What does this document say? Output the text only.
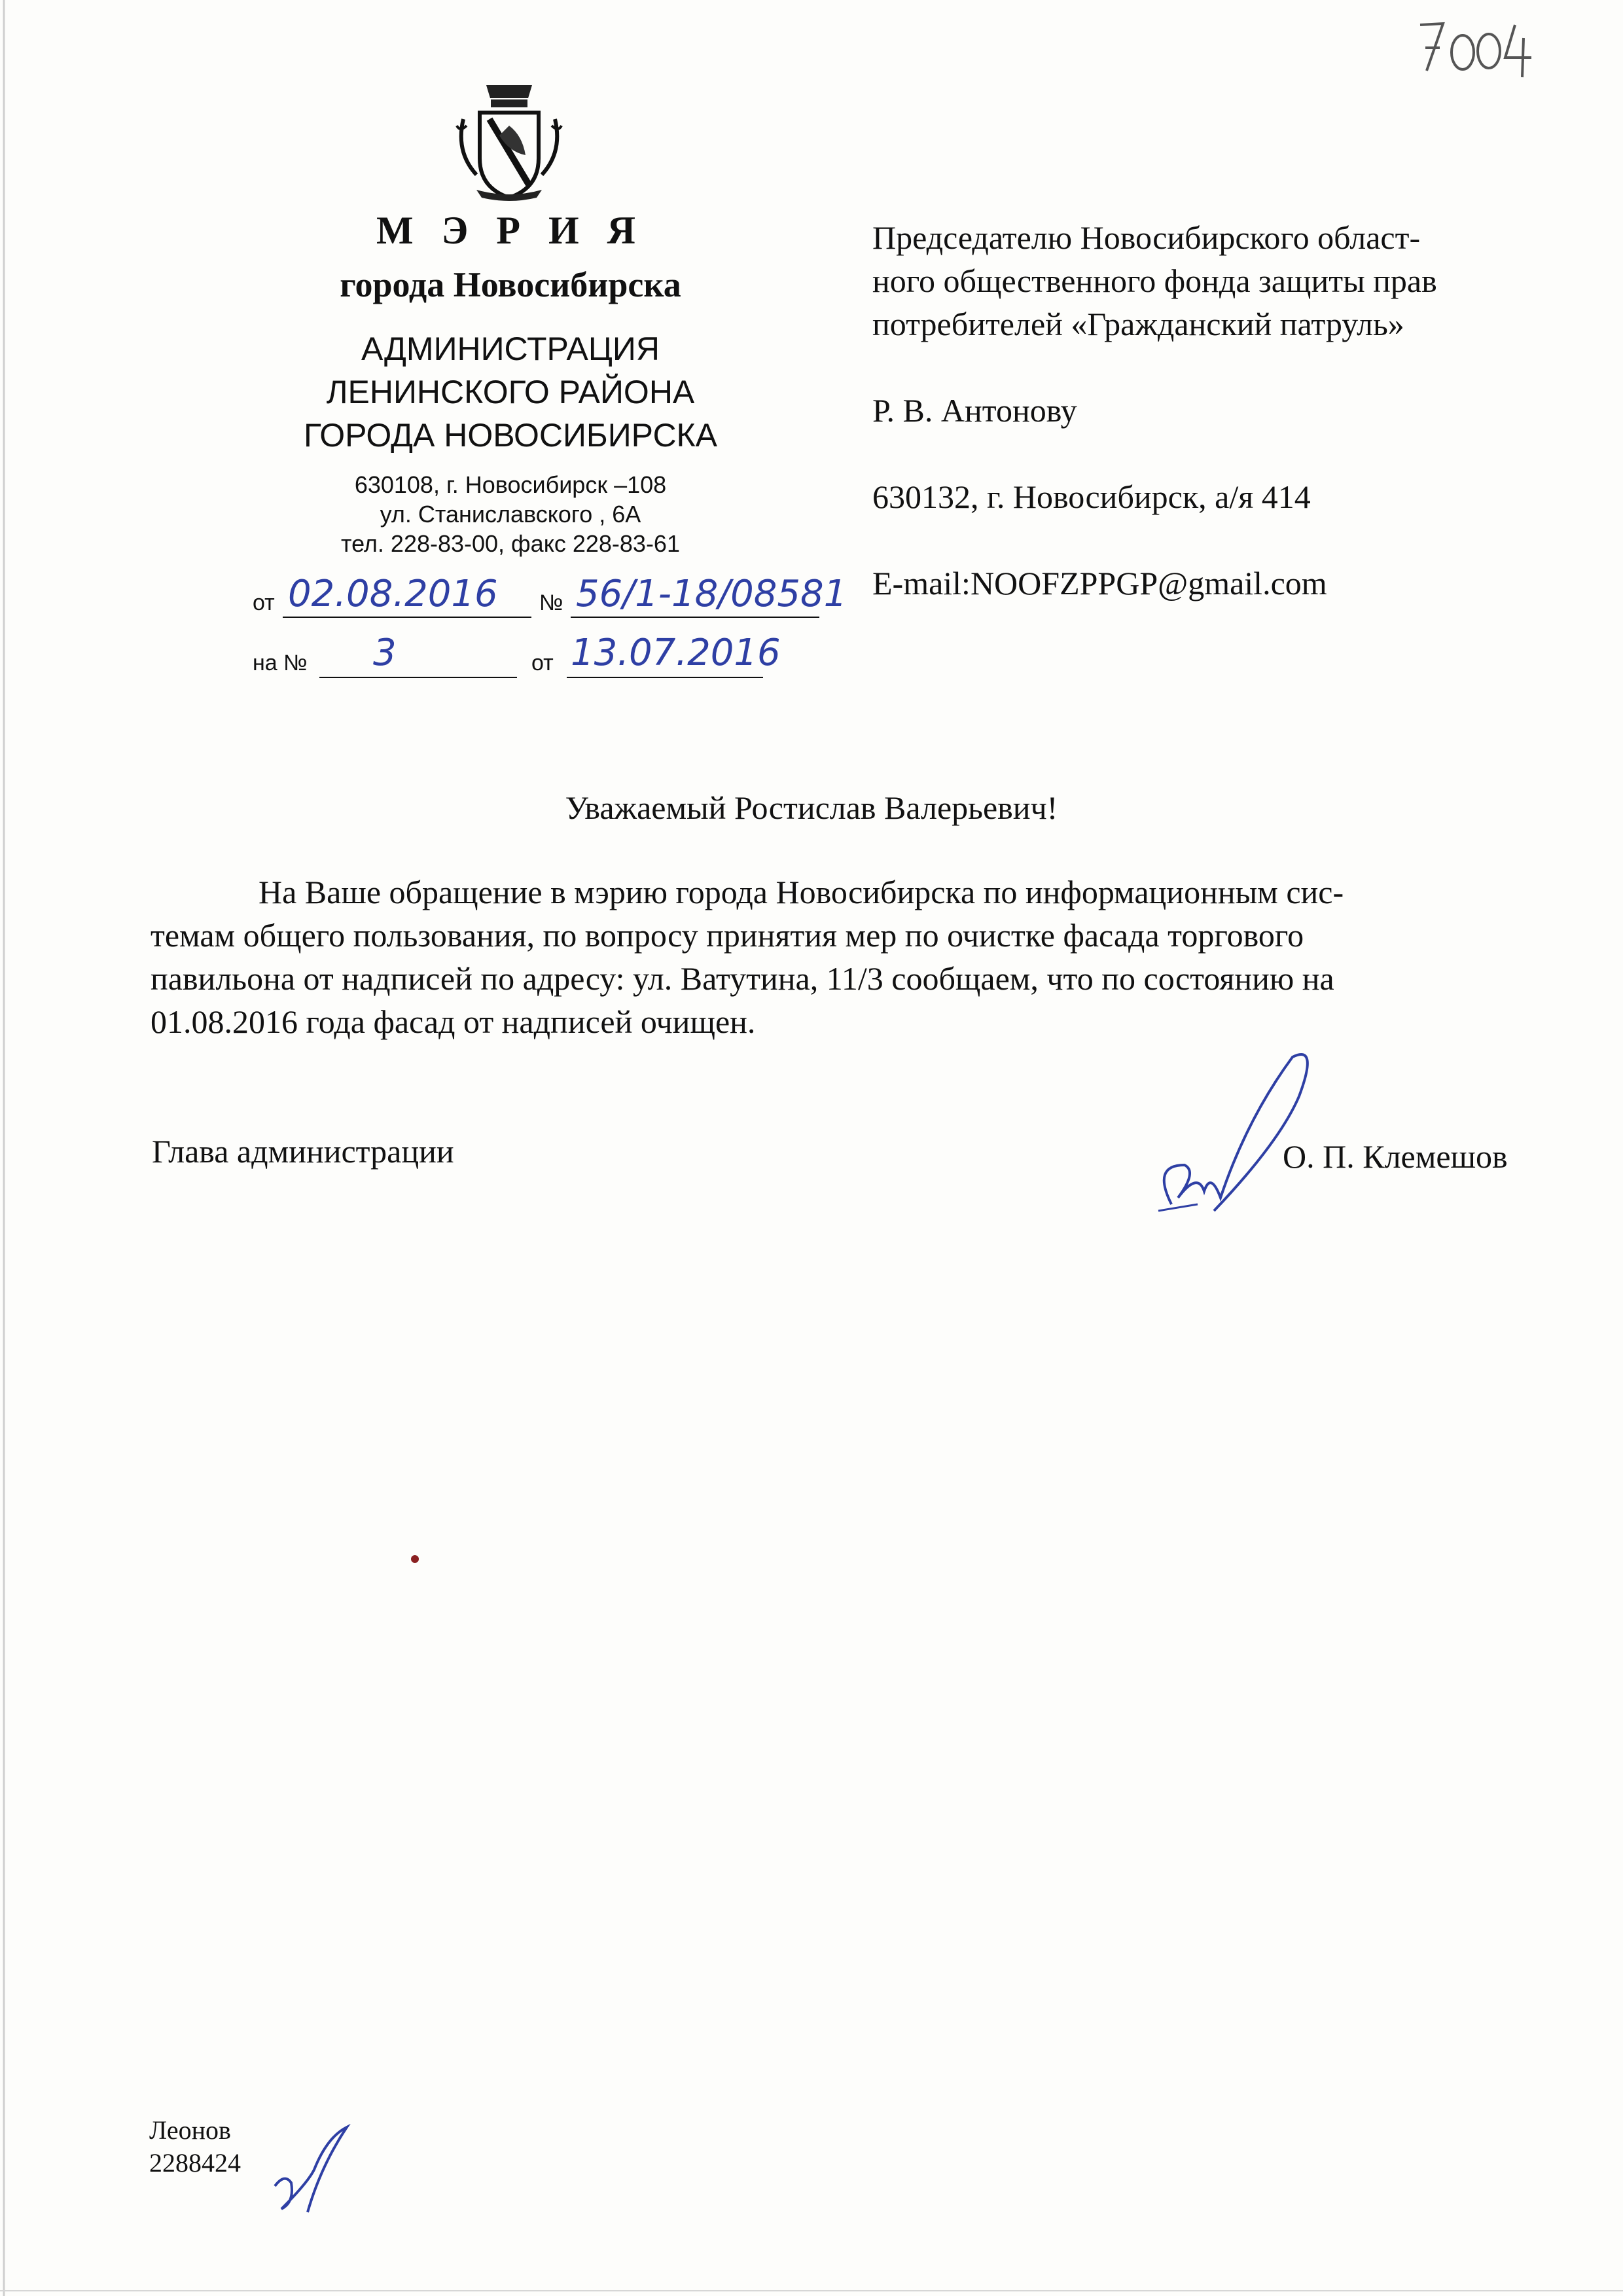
М Э Р И Я
города Новосибирска
АДМИНИСТРАЦИЯ
ЛЕНИНСКОГО РАЙОНА
ГОРОДА НОВОСИБИРСКА
630108, г. Новосибирск –108
ул. Станиславского , 6А
тел. 228-83-00, факс 228-83-61
от 02.08.2016 № 56/1-18/08581
на № 3	от 13.07.2016

Председателю Новосибирского област-

ного общественного фонда защиты прав

потребителей «Гражданский патруль»

Р. В. Антонову

630132, г. Новосибирск, а/я 414

E-mail:NOOFZPPGP@gmail.com

Уважаемый Ростислав Валерьевич!
На Ваше обращение в мэрию города Новосибирска по информационным сис-
темам общего пользования, по вопросу принятия мер по очистке фасада торгового
павильона от надписей по адресу: ул. Ватутина, 11/3 сообщаем, что по состоянию на
01.08.2016 года фасад от надписей очищен.
Глава администрации	О. П. Клемешов
Леонов
2288424
